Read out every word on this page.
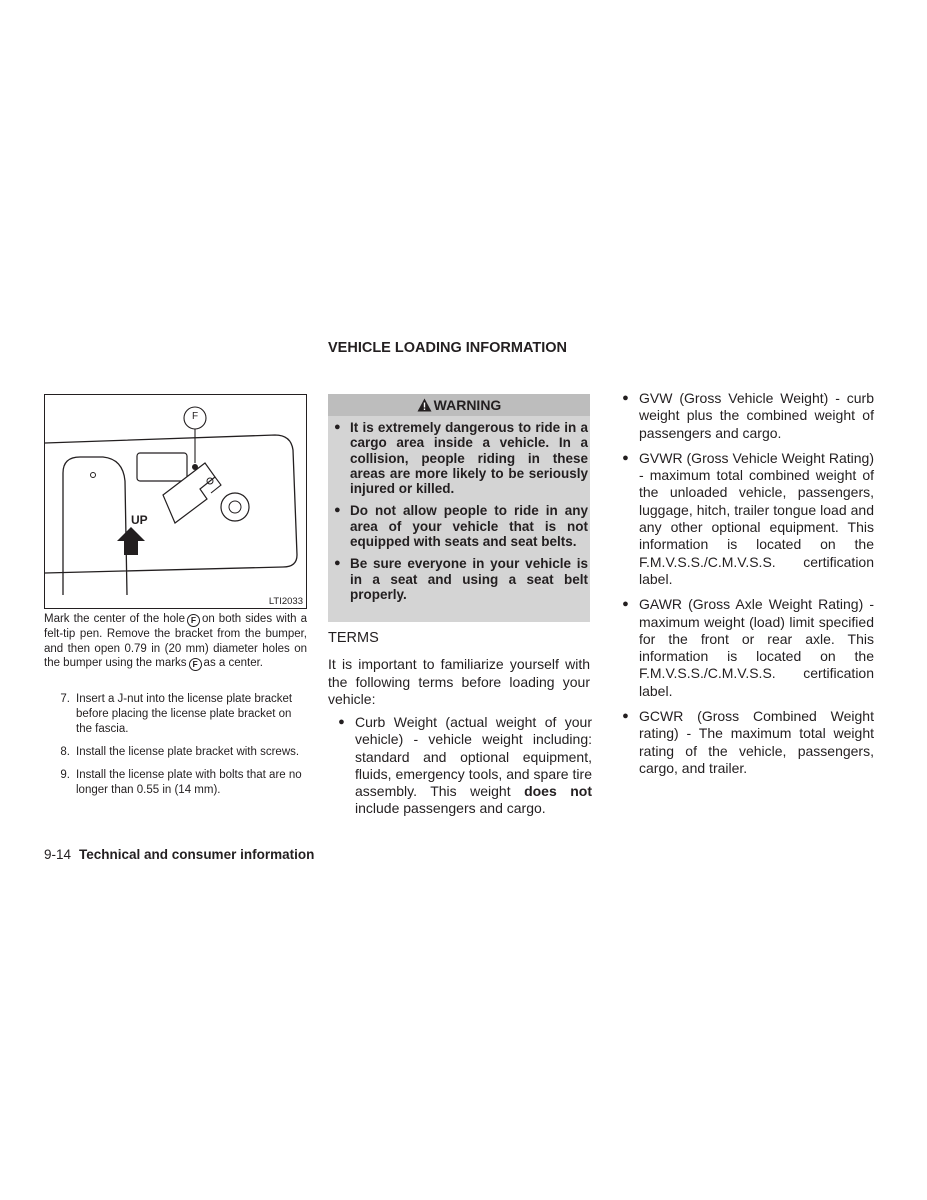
VEHICLE LOADING INFORMATION
F
UP
LTI2033
Mark the center of the hole F on both sides with a felt-tip pen. Remove the bracket from the bumper, and then open 0.79 in (20 mm) diameter holes on the bumper using the marks F as a center.
7. Insert a J-nut into the license plate bracket before placing the license plate bracket on the fascia.
8. Install the license plate bracket with screws.
9. Install the license plate with bolts that are no longer than 0.55 in (14 mm).
WARNING
● It is extremely dangerous to ride in a cargo area inside a vehicle. In a collision, people riding in these areas are more likely to be seriously injured or killed.
● Do not allow people to ride in any area of your vehicle that is not equipped with seats and seat belts.
● Be sure everyone in your vehicle is in a seat and using a seat belt properly.
TERMS
It is important to familiarize yourself with the following terms before loading your vehicle:
● Curb Weight (actual weight of your vehicle) - vehicle weight including: standard and optional equipment, fluids, emergency tools, and spare tire assembly. This weight does not include passengers and cargo.
● GVW (Gross Vehicle Weight) - curb weight plus the combined weight of passengers and cargo.
● GVWR (Gross Vehicle Weight Rating) - maximum total combined weight of the unloaded vehicle, passengers, luggage, hitch, trailer tongue load and any other optional equipment. This information is located on the F.M.V.S.S./C.M.V.S.S. certification label.
● GAWR (Gross Axle Weight Rating) - maximum weight (load) limit specified for the front or rear axle. This information is located on the F.M.V.S.S./C.M.V.S.S. certification label.
● GCWR (Gross Combined Weight rating) - The maximum total weight rating of the vehicle, passengers, cargo, and trailer.
9-14 Technical and consumer information
